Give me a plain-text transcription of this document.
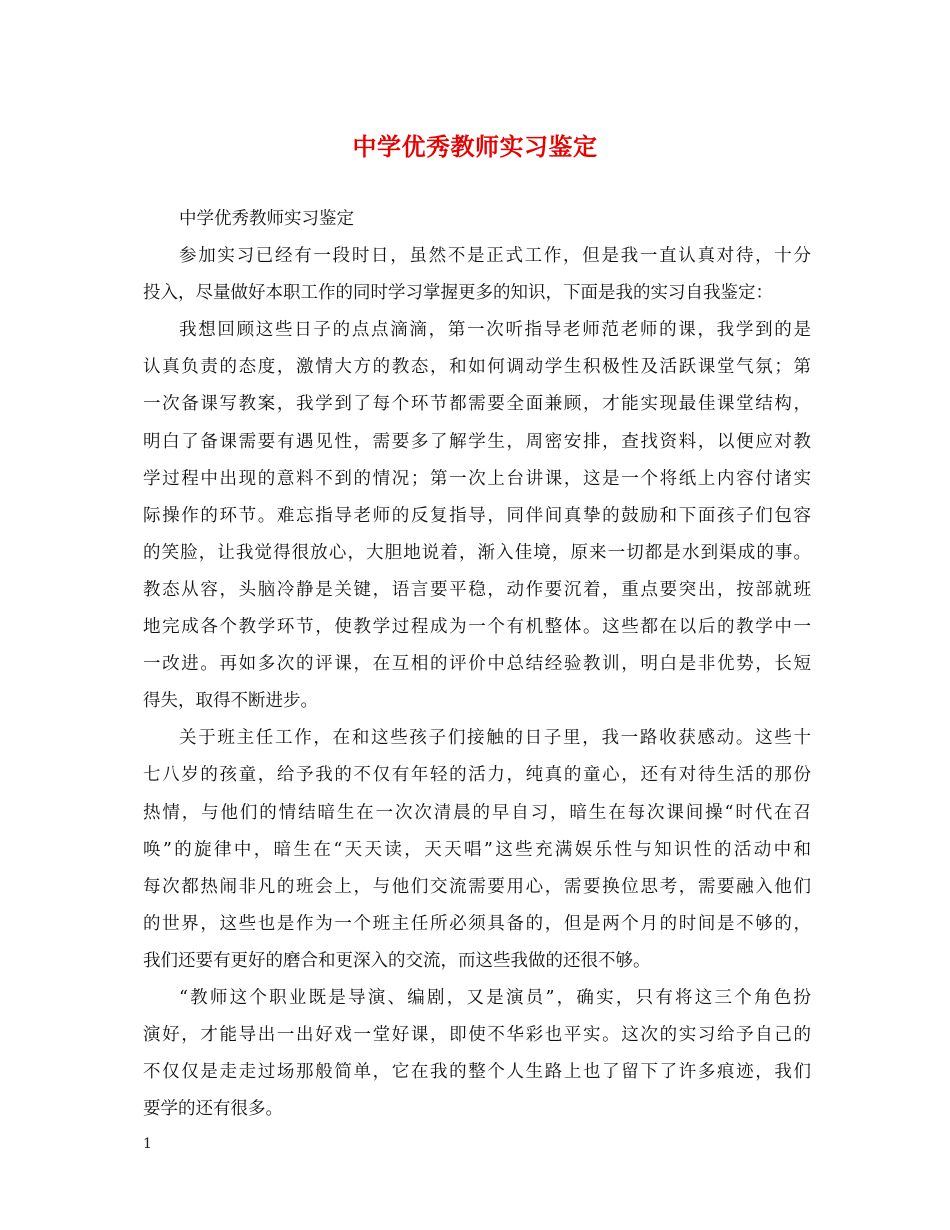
中学优秀教师实习鉴定
中学优秀教师实习鉴定
参加实习已经有一段时日，虽然不是正式工作，但是我一直认真对待，十分
投入，尽量做好本职工作的同时学习掌握更多的知识，下面是我的实习自我鉴定：
我想回顾这些日子的点点滴滴，第一次听指导老师范老师的课，我学到的是
认真负责的态度，激情大方的教态，和如何调动学生积极性及活跃课堂气氛；第
一次备课写教案，我学到了每个环节都需要全面兼顾，才能实现最佳课堂结构，
明白了备课需要有遇见性，需要多了解学生，周密安排，查找资料，以便应对教
学过程中出现的意料不到的情况；第一次上台讲课，这是一个将纸上内容付诸实
际操作的环节。难忘指导老师的反复指导，同伴间真挚的鼓励和下面孩子们包容
的笑脸，让我觉得很放心，大胆地说着，渐入佳境，原来一切都是水到渠成的事。
教态从容，头脑冷静是关键，语言要平稳，动作要沉着，重点要突出，按部就班
地完成各个教学环节，使教学过程成为一个有机整体。这些都在以后的教学中一
一改进。再如多次的评课，在互相的评价中总结经验教训，明白是非优势，长短
得失，取得不断进步。
关于班主任工作，在和这些孩子们接触的日子里，我一路收获感动。这些十
七八岁的孩童，给予我的不仅有年轻的活力，纯真的童心，还有对待生活的那份
热情，与他们的情结暗生在一次次清晨的早自习，暗生在每次课间操“时代在召
唤”的旋律中，暗生在“天天读，天天唱”这些充满娱乐性与知识性的活动中和
每次都热闹非凡的班会上，与他们交流需要用心，需要换位思考，需要融入他们
的世界，这些也是作为一个班主任所必须具备的，但是两个月的时间是不够的，
我们还要有更好的磨合和更深入的交流，而这些我做的还很不够。
“教师这个职业既是导演、编剧，又是演员”，确实，只有将这三个角色扮
演好，才能导出一出好戏一堂好课，即使不华彩也平实。这次的实习给予自己的
不仅仅是走走过场那般简单，它在我的整个人生路上也了留下了许多痕迹，我们
要学的还有很多。
1
